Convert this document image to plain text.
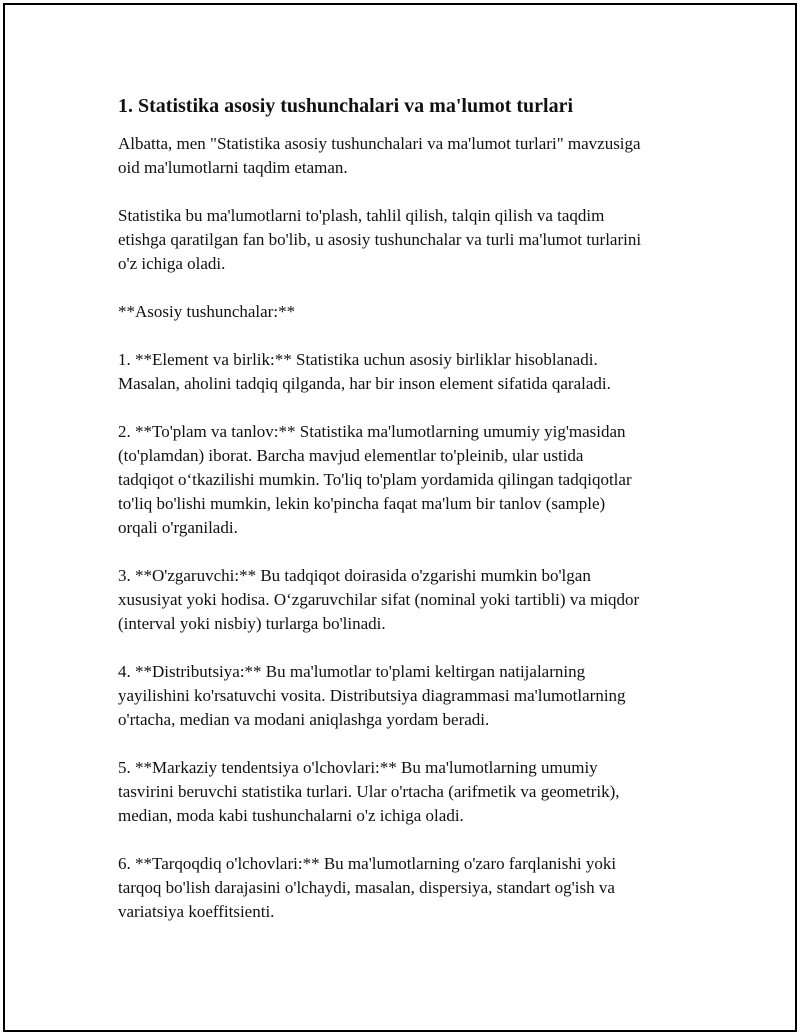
1. Statistika asosiy tushunchalari va ma'lumot turlari

Albatta, men "Statistika asosiy tushunchalari va ma'lumot turlari" mavzusiga
oid ma'lumotlarni taqdim etaman.

Statistika bu ma'lumotlarni to'plash, tahlil qilish, talqin qilish va taqdim
etishga qaratilgan fan bo'lib, u asosiy tushunchalar va turli ma'lumot turlarini
o'z ichiga oladi.

**Asosiy tushunchalar:**

1. **Element va birlik:** Statistika uchun asosiy birliklar hisoblanadi.
Masalan, aholini tadqiq qilganda, har bir inson element sifatida qaraladi.

2. **To'plam va tanlov:** Statistika ma'lumotlarning umumiy yig'masidan
(to'plamdan) iborat. Barcha mavjud elementlar to'pleinib, ular ustida
tadqiqot o‘tkazilishi mumkin. To'liq to'plam yordamida qilingan tadqiqotlar
to'liq bo'lishi mumkin, lekin ko'pincha faqat ma'lum bir tanlov (sample)
orqali o'rganiladi.

3. **O'zgaruvchi:** Bu tadqiqot doirasida o'zgarishi mumkin bo'lgan
xususiyat yoki hodisa. O‘zgaruvchilar sifat (nominal yoki tartibli) va miqdor
(interval yoki nisbiy) turlarga bo'linadi.

4. **Distributsiya:** Bu ma'lumotlar to'plami keltirgan natijalarning
yayilishini ko'rsatuvchi vosita. Distributsiya diagrammasi ma'lumotlarning
o'rtacha, median va modani aniqlashga yordam beradi.

5. **Markaziy tendentsiya o'lchovlari:** Bu ma'lumotlarning umumiy
tasvirini beruvchi statistika turlari. Ular o'rtacha (arifmetik va geometrik),
median, moda kabi tushunchalarni o'z ichiga oladi.

6. **Tarqoqdiq o'lchovlari:** Bu ma'lumotlarning o'zaro farqlanishi yoki
tarqoq bo'lish darajasini o'lchaydi, masalan, dispersiya, standart og'ish va
variatsiya koeffitsienti.
